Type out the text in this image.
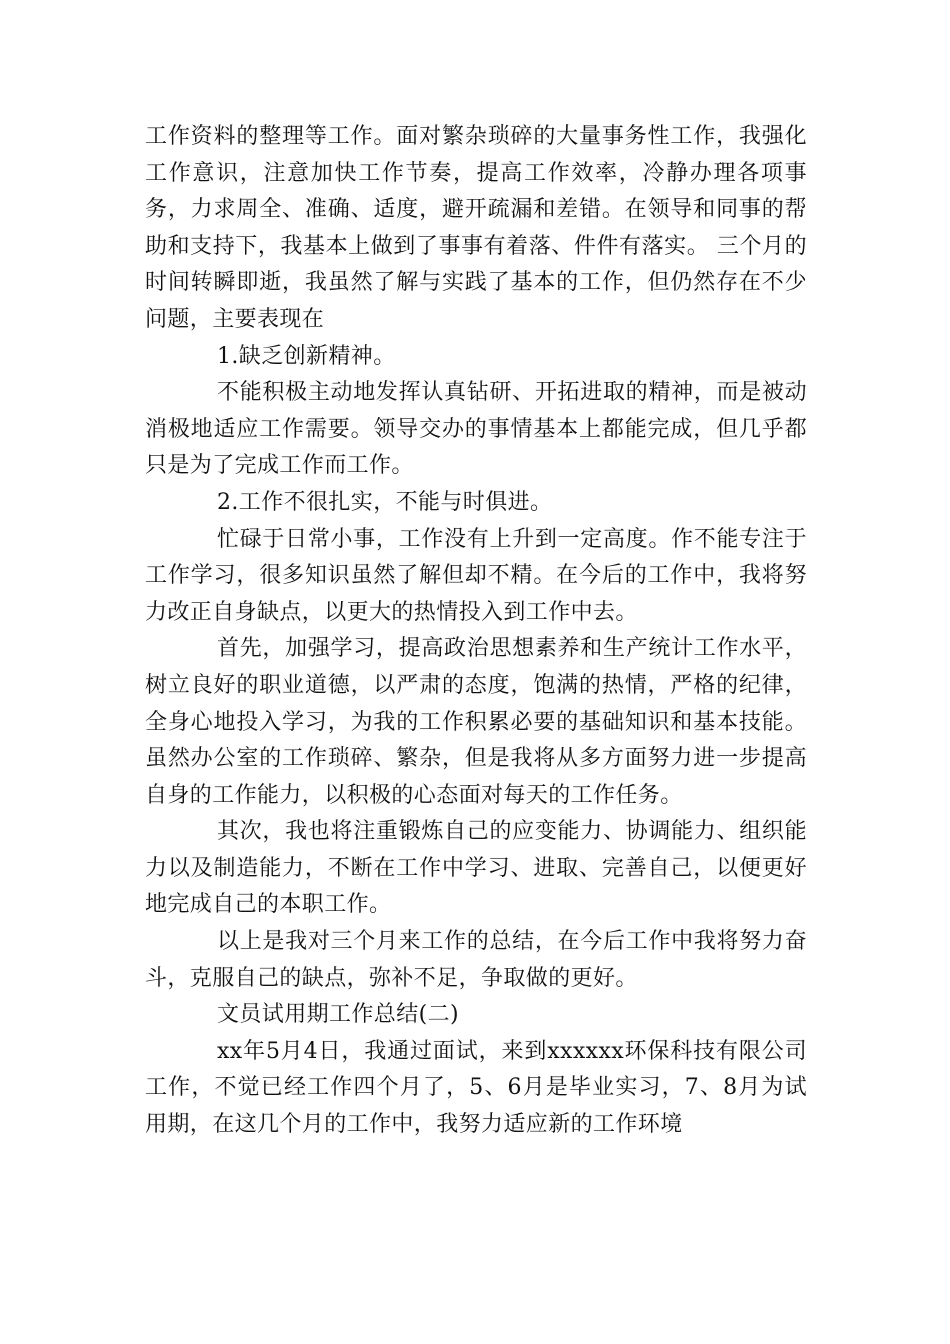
工作资料的整理等工作。面对繁杂琐碎的大量事务性工作，我强化工作意识，注意加快工作节奏，提高工作效率，冷静办理各项事务，力求周全、准确、适度，避开疏漏和差错。在领导和同事的帮助和支持下，我基本上做到了事事有着落、件件有落实。 三个月的时间转瞬即逝，我虽然了解与实践了基本的工作，但仍然存在不少问题，主要表现在

1.缺乏创新精神。

不能积极主动地发挥认真钻研、开拓进取的精神，而是被动消极地适应工作需要。领导交办的事情基本上都能完成，但几乎都只是为了完成工作而工作。

2.工作不很扎实，不能与时俱进。

忙碌于日常小事，工作没有上升到一定高度。作不能专注于工作学习，很多知识虽然了解但却不精。在今后的工作中，我将努力改正自身缺点，以更大的热情投入到工作中去。

首先，加强学习，提高政治思想素养和生产统计工作水平，树立良好的职业道德，以严肃的态度，饱满的热情，严格的纪律，全身心地投入学习，为我的工作积累必要的基础知识和基本技能。虽然办公室的工作琐碎、繁杂，但是我将从多方面努力进一步提高自身的工作能力，以积极的心态面对每天的工作任务。

其次，我也将注重锻炼自己的应变能力、协调能力、组织能力以及制造能力，不断在工作中学习、进取、完善自己，以便更好地完成自己的本职工作。

以上是我对三个月来工作的总结，在今后工作中我将努力奋斗，克服自己的缺点，弥补不足，争取做的更好。

文员试用期工作总结(二)

xx年5月4日，我通过面试，来到xxxxxx环保科技有限公司工作，不觉已经工作四个月了，5、6月是毕业实习，7、8月为试用期，在这几个月的工作中，我努力适应新的工作环境
